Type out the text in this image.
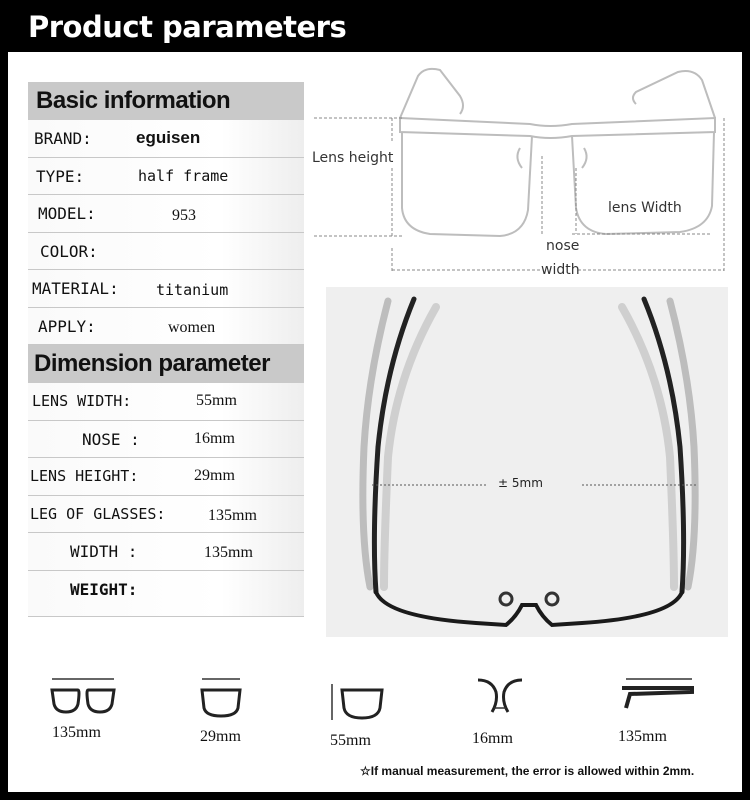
Product parameters
Basic information
BRAND:	eguisen
TYPE:	half frame
MODEL:	953
COLOR:
MATERIAL: titanium
APPLY:	women
Dimension parameter
LENS WIDTH:	55mm
NOSE :	16mm
LENS HEIGHT:	29mm
LEG OF GLASSES:	135mm
WIDTH :	135mm
WEIGHT:
Lens height
lens Width
nose
width
± 5mm
135mm	29mm	55mm	16mm	135mm
☆If manual measurement, the error is allowed within 2mm.
